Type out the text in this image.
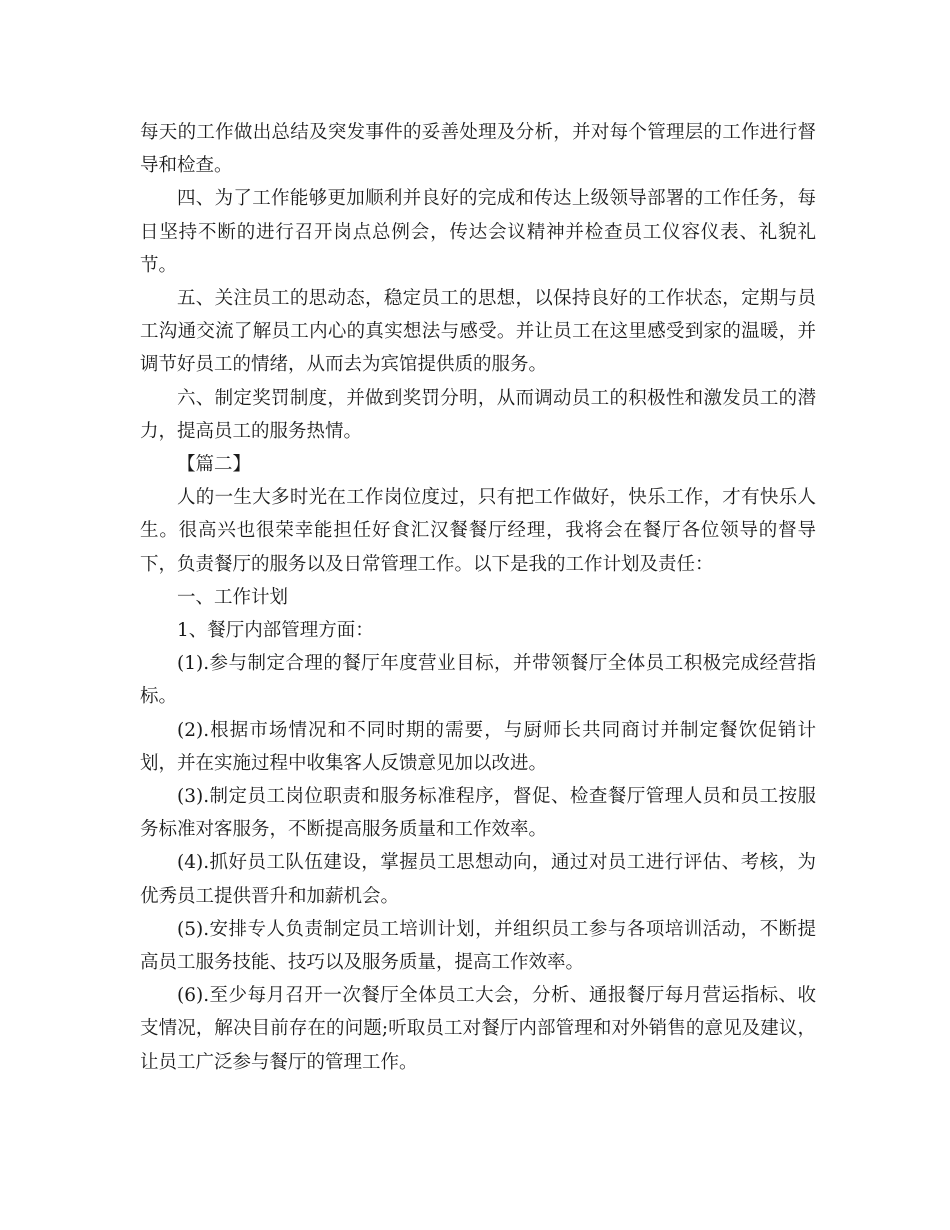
每天的工作做出总结及突发事件的妥善处理及分析，并对每个管理层的工作进行督导和检查。

四、为了工作能够更加顺利并良好的完成和传达上级领导部署的工作任务，每日坚持不断的进行召开岗点总例会，传达会议精神并检查员工仪容仪表、礼貌礼节。

五、关注员工的思动态，稳定员工的思想，以保持良好的工作状态，定期与员工沟通交流了解员工内心的真实想法与感受。并让员工在这里感受到家的温暖，并调节好员工的情绪，从而去为宾馆提供质的服务。

六、制定奖罚制度，并做到奖罚分明，从而调动员工的积极性和激发员工的潜力，提高员工的服务热情。

【篇二】

人的一生大多时光在工作岗位度过，只有把工作做好，快乐工作，才有快乐人生。很高兴也很荣幸能担任好食汇汉餐餐厅经理，我将会在餐厅各位领导的督导下，负责餐厅的服务以及日常管理工作。以下是我的工作计划及责任：

一、工作计划

1、餐厅内部管理方面：

(1).参与制定合理的餐厅年度营业目标，并带领餐厅全体员工积极完成经营指标。

(2).根据市场情况和不同时期的需要，与厨师长共同商讨并制定餐饮促销计划，并在实施过程中收集客人反馈意见加以改进。

(3).制定员工岗位职责和服务标准程序，督促、检查餐厅管理人员和员工按服务标准对客服务，不断提高服务质量和工作效率。

(4).抓好员工队伍建设，掌握员工思想动向，通过对员工进行评估、考核，为优秀员工提供晋升和加薪机会。

(5).安排专人负责制定员工培训计划，并组织员工参与各项培训活动，不断提高员工服务技能、技巧以及服务质量，提高工作效率。

(6).至少每月召开一次餐厅全体员工大会，分析、通报餐厅每月营运指标、收支情况，解决目前存在的问题;听取员工对餐厅内部管理和对外销售的意见及建议，让员工广泛参与餐厅的管理工作。
